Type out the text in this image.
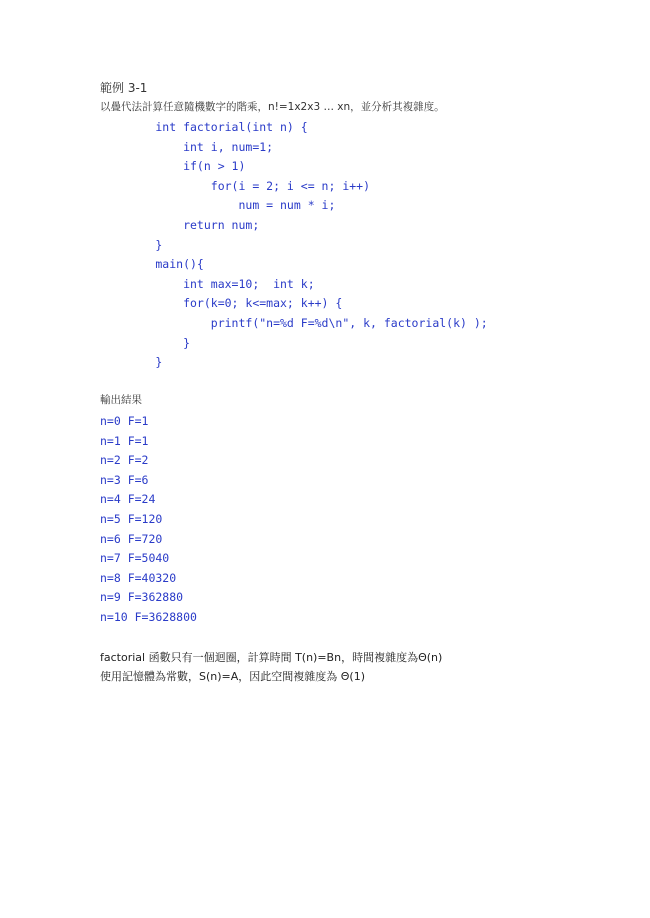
範例 3-1
以疊代法計算任意隨機數字的階乘，n!=1x2x3 … xn，並分析其複雜度。
int factorial(int n) {
int i, num=1;
if(n > 1)
for(i = 2; i <= n; i++)
num = num * i;
return num;
}
main(){
int max=10;  int k;
for(k=0; k<=max; k++) {
printf("n=%d F=%d\n", k, factorial(k) );
}
}
輸出結果
n=0 F=1
n=1 F=1
n=2 F=2
n=3 F=6
n=4 F=24
n=5 F=120
n=6 F=720
n=7 F=5040
n=8 F=40320
n=9 F=362880
n=10 F=3628800
factorial 函數只有一個迴圈，計算時間 T(n)=Bn，時間複雜度為Θ(n)
使用記憶體為常數，S(n)=A，因此空間複雜度為 Θ(1)
